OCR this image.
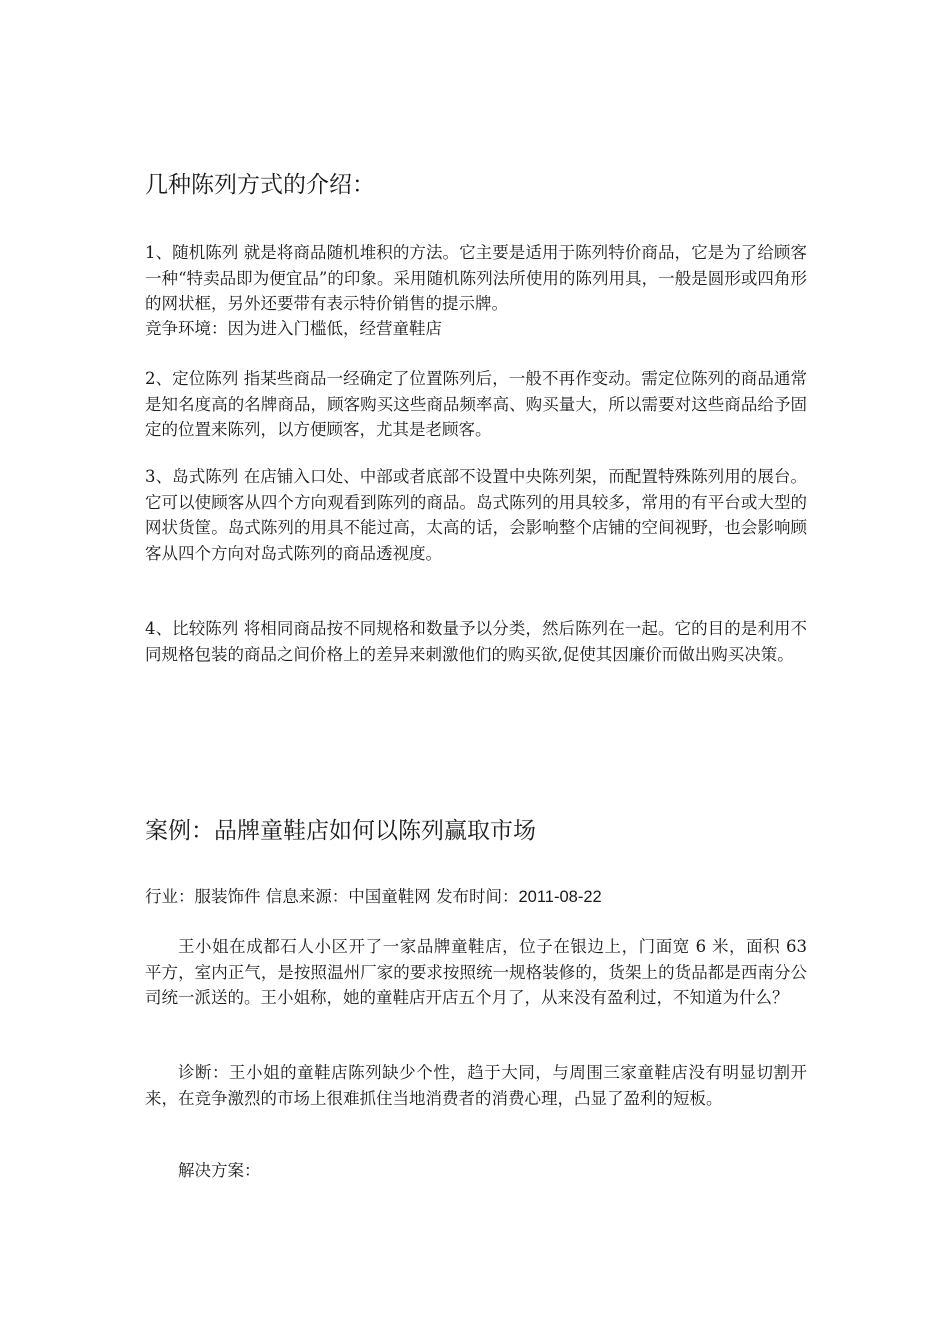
几种陈列方式的介绍：

1、随机陈列 就是将商品随机堆积的方法。它主要是适用于陈列特价商品，它是为了给顾客一种“特卖品即为便宜品”的印象。采用随机陈列法所使用的陈列用具，一般是圆形或四角形的网状框，另外还要带有表示特价销售的提示牌。

竞争环境：因为进入门槛低，经营童鞋店

2、定位陈列 指某些商品一经确定了位置陈列后，一般不再作变动。需定位陈列的商品通常是知名度高的名牌商品，顾客购买这些商品频率高、购买量大，所以需要对这些商品给予固定的位置来陈列，以方便顾客，尤其是老顾客。

3、岛式陈列 在店铺入口处、中部或者底部不设置中央陈列架，而配置特殊陈列用的展台。它可以使顾客从四个方向观看到陈列的商品。岛式陈列的用具较多，常用的有平台或大型的网状货筐。岛式陈列的用具不能过高，太高的话，会影响整个店铺的空间视野，也会影响顾客从四个方向对岛式陈列的商品透视度。

4、比较陈列 将相同商品按不同规格和数量予以分类，然后陈列在一起。它的目的是利用不同规格包装的商品之间价格上的差异来刺激他们的购买欲,促使其因廉价而做出购买决策。

案例：品牌童鞋店如何以陈列赢取市场
行业：服装饰件 信息来源：中国童鞋网 发布时间：2011-08-22

王小姐在成都石人小区开了一家品牌童鞋店，位子在银边上，门面宽 6 米，面积 63 平方，室内正气，是按照温州厂家的要求按照统一规格装修的，货架上的货品都是西南分公司统一派送的。王小姐称，她的童鞋店开店五个月了，从来没有盈利过，不知道为什么？

诊断：王小姐的童鞋店陈列缺少个性，趋于大同，与周围三家童鞋店没有明显切割开来，在竞争激烈的市场上很难抓住当地消费者的消费心理，凸显了盈利的短板。

解决方案：
